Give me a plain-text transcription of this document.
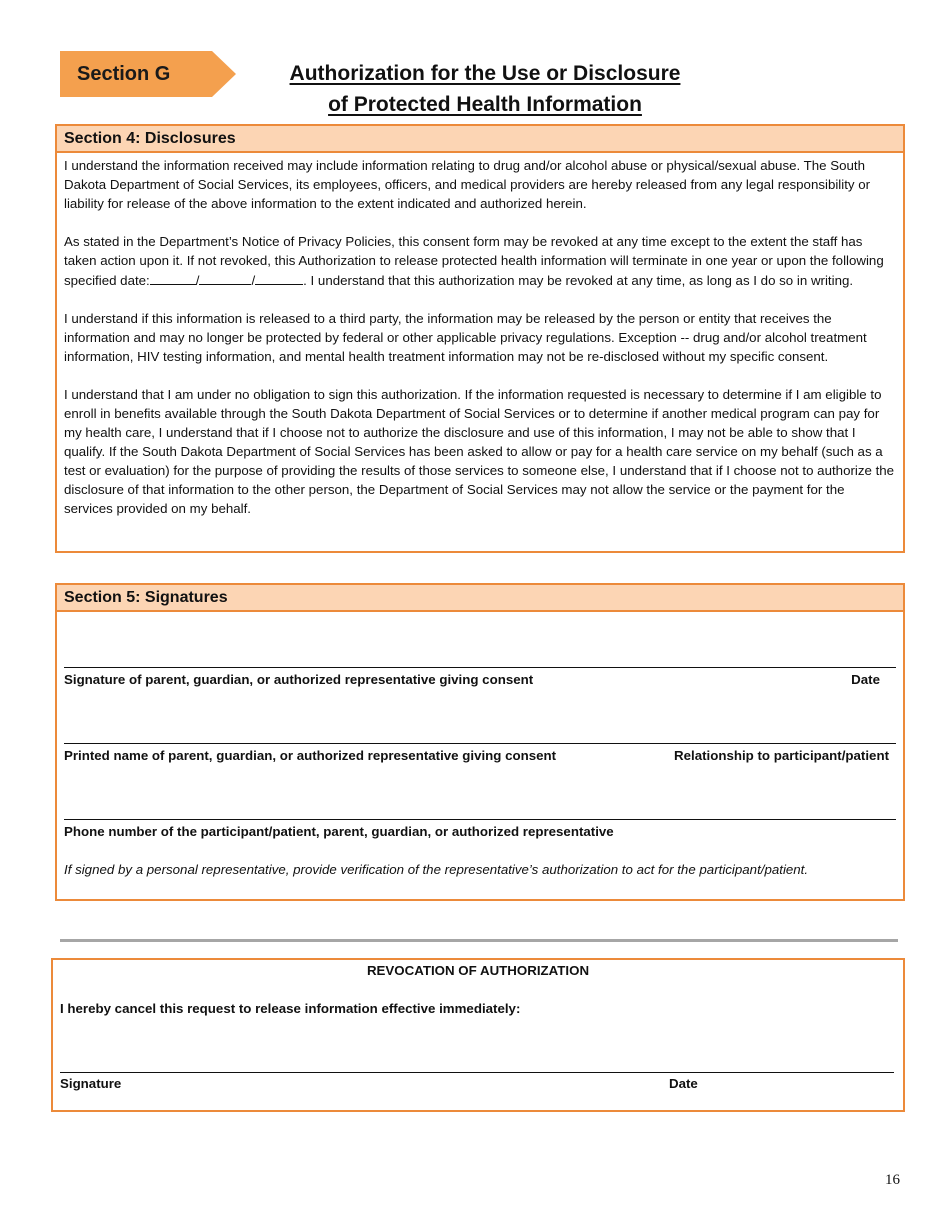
Section G	Authorization for the Use or Disclosure
of Protected Health Information
Section 4: Disclosures

I understand the information received may include information relating to drug and/or alcohol abuse or physical/sexual abuse. The South Dakota Department of Social Services, its employees, officers, and medical providers are hereby released from any legal responsibility or liability for release of the above information to the extent indicated and authorized herein.

As stated in the Department’s Notice of Privacy Policies, this consent form may be revoked at any time except to the extent the staff has taken action upon it. If not revoked, this Authorization to release protected health information will terminate in one year or upon the following specified date:	/	/	. I understand that this authorization may be revoked at any time, as long as I do so in writing.

I understand if this information is released to a third party, the information may be released by the person or entity that receives the information and may no longer be protected by federal or other applicable privacy regulations. Exception -- drug and/or alcohol treatment information, HIV testing information, and mental health treatment information may not be re-disclosed without my specific consent.

I understand that I am under no obligation to sign this authorization. If the information requested is necessary to determine if I am eligible to enroll in benefits available through the South Dakota Department of Social Services or to determine if another medical program can pay for my health care, I understand that if I choose not to authorize the disclosure and use of this information, I may not be able to show that I qualify. If the South Dakota Department of Social Services has been asked to allow or pay for a health care service on my behalf (such as a test or evaluation) for the purpose of providing the results of those services to someone else, I understand that if I choose not to authorize the disclosure of that information to the other person, the Department of Social Services may not allow the service or the payment for the services provided on my behalf.

Section 5: Signatures
Signature of parent, guardian, or authorized representative giving consent	Date
Printed name of parent, guardian, or authorized representative giving consent	Relationship to participant/patient
Phone number of the participant/patient, parent, guardian, or authorized representative
If signed by a personal representative, provide verification of the representative’s authorization to act for the participant/patient.
REVOCATION OF AUTHORIZATION
I hereby cancel this request to release information effective immediately:
Signature	Date
16
